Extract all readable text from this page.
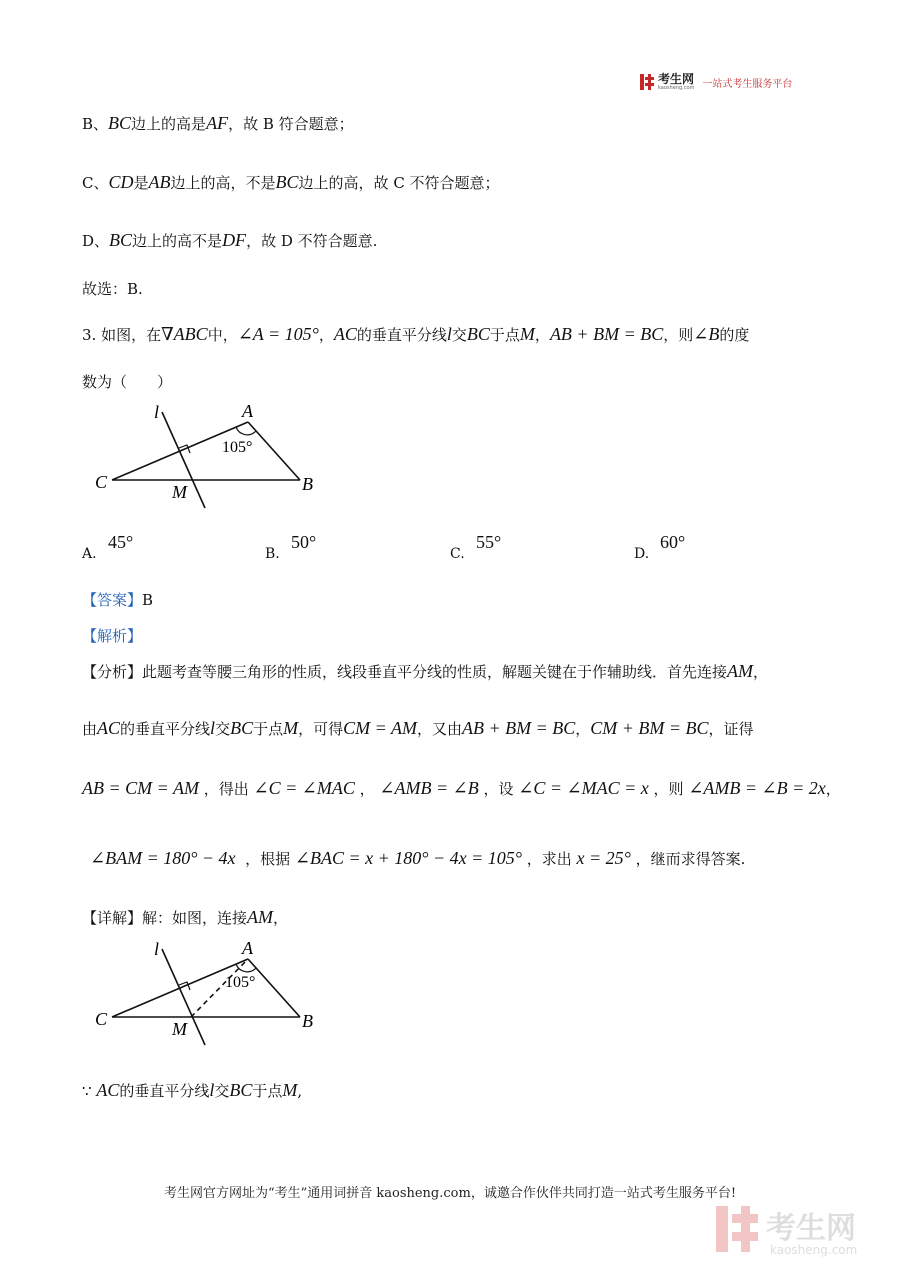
考生网
kaosheng.com 一站式考生服务平台
B、BC边上的高是AF，故 B 符合题意；
C、CD是AB边上的高，不是BC边上的高，故 C 不符合题意；
D、BC边上的高不是DF，故 D 不符合题意.
故选：B.
3. 如图，在∇ABC中，∠A = 105°，AC的垂直平分线l交BC于点M，AB + BM = BC，则∠B的度
数为（　　）
l	A
B
C	M
105°
A.
45°
B.
50°
C.
55°
D.
60°
【答案】B
【解析】
【分析】此题考查等腰三角形的性质，线段垂直平分线的性质，解题关键在于作辅助线．首先连接AM，
由AC的垂直平分线l交BC于点M，可得CM = AM，又由AB + BM = BC，CM + BM = BC，证得
AB = CM = AM ，得出 ∠C = ∠MAC ， ∠AMB = ∠B ，设 ∠C = ∠MAC = x ，则 ∠AMB = ∠B = 2x，
∠BAM = 180° − 4x ，根据 ∠BAC = x + 180° − 4x = 105° ，求出 x = 25° ，继而求得答案.
【详解】解：如图，连接AM，
l	A
B
C	M
105°
∵ AC的垂直平分线l交BC于点M,
考生网官方网址为“考生”通用词拼音 kaosheng.com，诚邀合作伙伴共同打造一站式考生服务平台!
考生网
kaosheng.com
